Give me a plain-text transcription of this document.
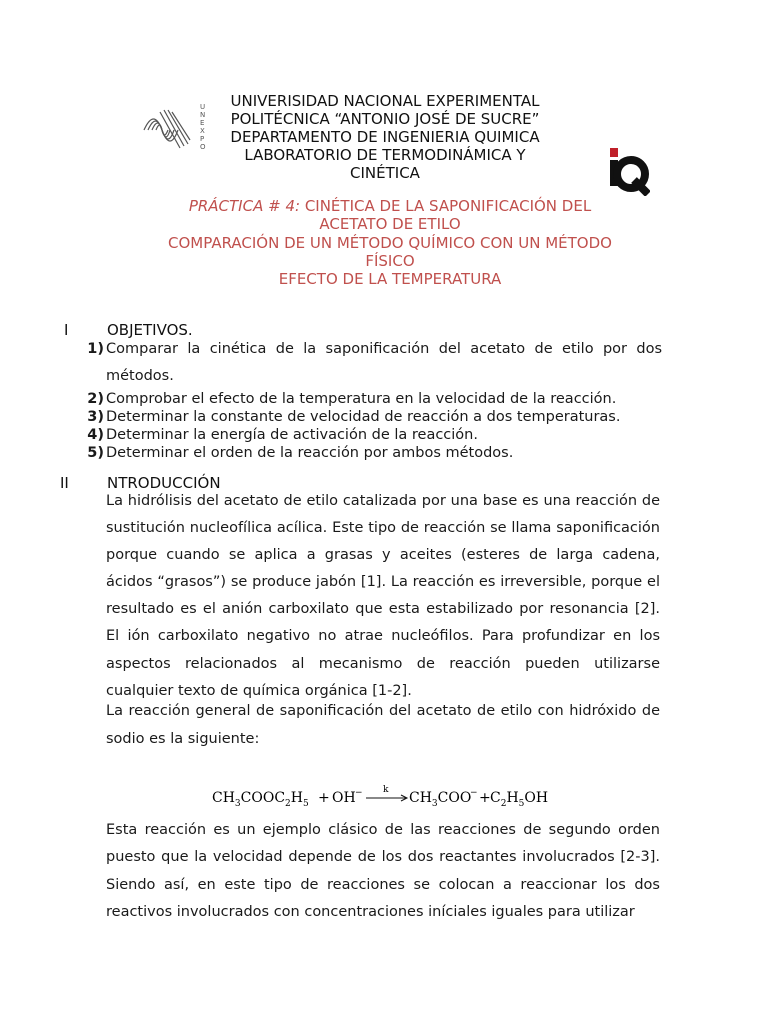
U
N
E
X
P
O
UNIVERISIDAD NACIONAL EXPERIMENTAL
POLITÉCNICA “ANTONIO JOSÉ DE SUCRE”
DEPARTAMENTO DE INGENIERIA QUIMICA
LABORATORIO DE TERMODINÁMICA Y
CINÉTICA
PRÁCTICA # 4: CINÉTICA DE LA SAPONIFICACIÓN DEL
ACETATO DE ETILO
COMPARACIÓN DE UN MÉTODO QUÍMICO CON UN MÉTODO
FÍSICO
EFECTO DE LA TEMPERATURA
I	OBJETIVOS.
1) Comparar la cinética de la saponificación del acetato de etilo por dos métodos.
2) Comprobar el efecto de la temperatura en la velocidad de la reacción.
3) Determinar la constante de velocidad de reacción a dos temperaturas.
4) Determinar la energía de activación de la reacción.
5) Determinar el orden de la reacción por ambos métodos.
II	NTRODUCCIÓN
La hidrólisis del acetato de etilo catalizada por una base es una reacción de sustitución nucleofílica acílica. Este tipo de reacción se llama saponificación porque cuando se aplica a grasas y aceites (esteres de larga cadena, ácidos “grasos”) se produce jabón [1]. La reacción es irreversible, porque el resultado es el anión carboxilato que esta estabilizado por resonancia [2]. El ión carboxilato negativo no atrae nucleófilos. Para profundizar en los aspectos relacionados al mecanismo de reacción pueden utilizarse cualquier texto de química orgánica [1-2].
La reacción general de saponificación del acetato de etilo con hidróxido de sodio es la siguiente:
$CH_3COOC_2H_5$ + OH − k $CH_3COO$
− + $C_2H_5OH$
Esta reacción es un ejemplo clásico de las reacciones de segundo orden puesto que la velocidad depende de los dos reactantes involucrados [2-3]. Siendo así, en este tipo de reacciones se colocan a reaccionar los dos reactivos involucrados con concentraciones iníciales iguales para utilizar
